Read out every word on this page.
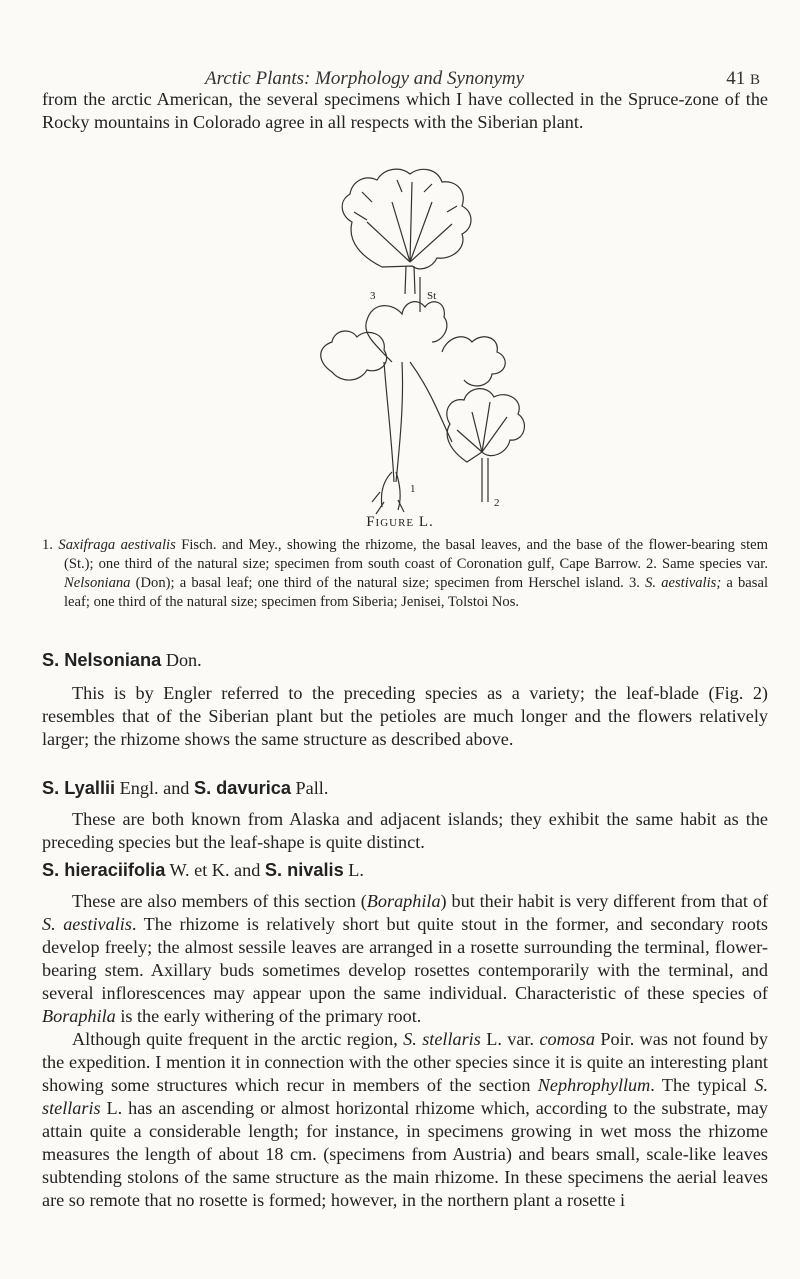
Arctic Plants: Morphology and Synonymy	41 B

from the arctic American, the several specimens which I have collected in the Spruce-zone of the Rocky mountains in Colorado agree in all respects with the Siberian plant.

3	St
1
2
Figure L.

1. Saxifraga aestivalis Fisch. and Mey., showing the rhizome, the basal leaves, and the base of the flower-bearing stem (St.); one third of the natural size; specimen from south coast of Coronation gulf, Cape Barrow. 2. Same species var. Nelsoniana (Don); a basal leaf; one third of the natural size; specimen from Herschel island. 3. S. aestivalis; a basal leaf; one third of the natural size; specimen from Siberia; Jenisei, Tolstoi Nos.

S. Nelsoniana Don.

This is by Engler referred to the preceding species as a variety; the leaf-blade (Fig. 2) resembles that of the Siberian plant but the petioles are much longer and the flowers relatively larger; the rhizome shows the same structure as described above.

S. Lyallii Engl. and S. davurica Pall.

These are both known from Alaska and adjacent islands; they exhibit the same habit as the preceding species but the leaf-shape is quite distinct.

S. hieraciifolia W. et K. and S. nivalis L.

These are also members of this section (Boraphila) but their habit is very different from that of S. aestivalis. The rhizome is relatively short but quite stout in the former, and secondary roots develop freely; the almost sessile leaves are arranged in a rosette surrounding the terminal, flower-bearing stem. Axillary buds sometimes develop rosettes contemporarily with the terminal, and several inflorescences may appear upon the same individual. Characteristic of these species of Boraphila is the early withering of the primary root.

Although quite frequent in the arctic region, S. stellaris L. var. comosa Poir. was not found by the expedition. I mention it in connection with the other species since it is quite an interesting plant showing some structures which recur in members of the section Nephrophyllum. The typical S. stellaris L. has an ascending or almost horizontal rhizome which, according to the substrate, may attain quite a considerable length; for instance, in specimens growing in wet moss the rhizome measures the length of about 18 cm. (specimens from Austria) and bears small, scale-like leaves subtending stolons of the same structure as the main rhizome. In these specimens the aerial leaves are so remote that no rosette is formed; however, in the northern plant a rosette i
